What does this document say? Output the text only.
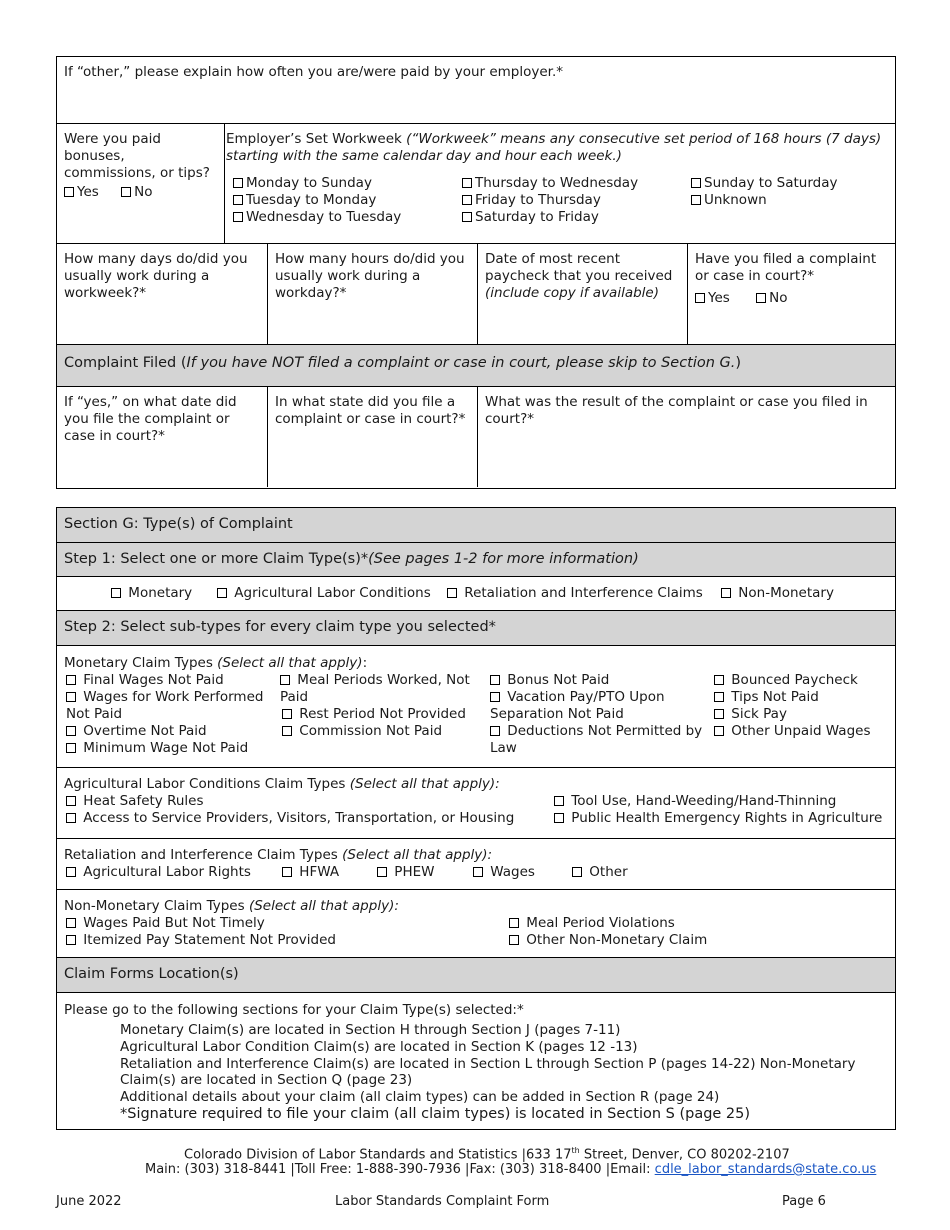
If “other,” please explain how often you are/were paid by your employer.*
Were you paid bonuses, commissions, or tips?
Yes	No
Employer’s Set Workweek (“Workweek” means any consecutive set period of 168 hours (7 days) starting with the same calendar day and hour each week.)
Monday to Sunday
Tuesday to Monday
Wednesday to Tuesday
Thursday to Wednesday
Friday to Thursday
Saturday to Friday
Sunday to Saturday
Unknown
How many days do/did you usually work during a workweek?*
How many hours do/did you usually work during a workday?*
Date of most recent paycheck that you received
(include copy if available)
Have you filed a complaint or case in court?*
Yes	No
Complaint Filed (If you have NOT filed a complaint or case in court, please skip to Section G.)
If “yes,” on what date did you file the complaint or case in court?*
In what state did you file a complaint or case in court?*
What was the result of the complaint or case you filed in court?*
Section G: Type(s) of Complaint
Step 1: Select one or more Claim Type(s)*(See pages 1-2 for more information)
Monetary	Agricultural Labor Conditions	Retaliation and Interference Claims	Non-Monetary
Step 2: Select sub-types for every claim type you selected*
Monetary Claim Types (Select all that apply):
Final Wages Not Paid
Wages for Work Performed
Not Paid
Overtime Not Paid
Minimum Wage Not Paid
Meal Periods Worked, Not
Paid
Rest Period Not Provided
Commission Not Paid
Bonus Not Paid
Vacation Pay/PTO Upon
Separation Not Paid
Deductions Not Permitted by
Law
Bounced Paycheck
Tips Not Paid
Sick Pay
Other Unpaid Wages
Agricultural Labor Conditions Claim Types (Select all that apply):
Heat Safety Rules
Access to Service Providers, Visitors, Transportation, or Housing
Tool Use, Hand-Weeding/Hand-Thinning
Public Health Emergency Rights in Agriculture
Retaliation and Interference Claim Types (Select all that apply):
Agricultural Labor Rights	HFWA	PHEW	Wages	Other
Non-Monetary Claim Types (Select all that apply):
Wages Paid But Not Timely
Itemized Pay Statement Not Provided
Meal Period Violations
Other Non-Monetary Claim
Claim Forms Location(s)
Please go to the following sections for your Claim Type(s) selected:*
Monetary Claim(s) are located in Section H through Section J (pages 7-11)
Agricultural Labor Condition Claim(s) are located in Section K (pages 12 -13)
Retaliation and Interference Claim(s) are located in Section L through Section P (pages 14-22) Non-Monetary
Claim(s) are located in Section Q (page 23)
Additional details about your claim (all claim types) can be added in Section R (page 24)
*Signature required to file your claim (all claim types) is located in Section S (page 25)
Colorado Division of Labor Standards and Statistics |633 17th Street, Denver, CO 80202-2107
Main: (303) 318-8441 |Toll Free: 1-888-390-7936 |Fax: (303) 318-8400 |Email: cdle_labor_standards@state.co.us
June 2022	Labor Standards Complaint Form	Page 6
